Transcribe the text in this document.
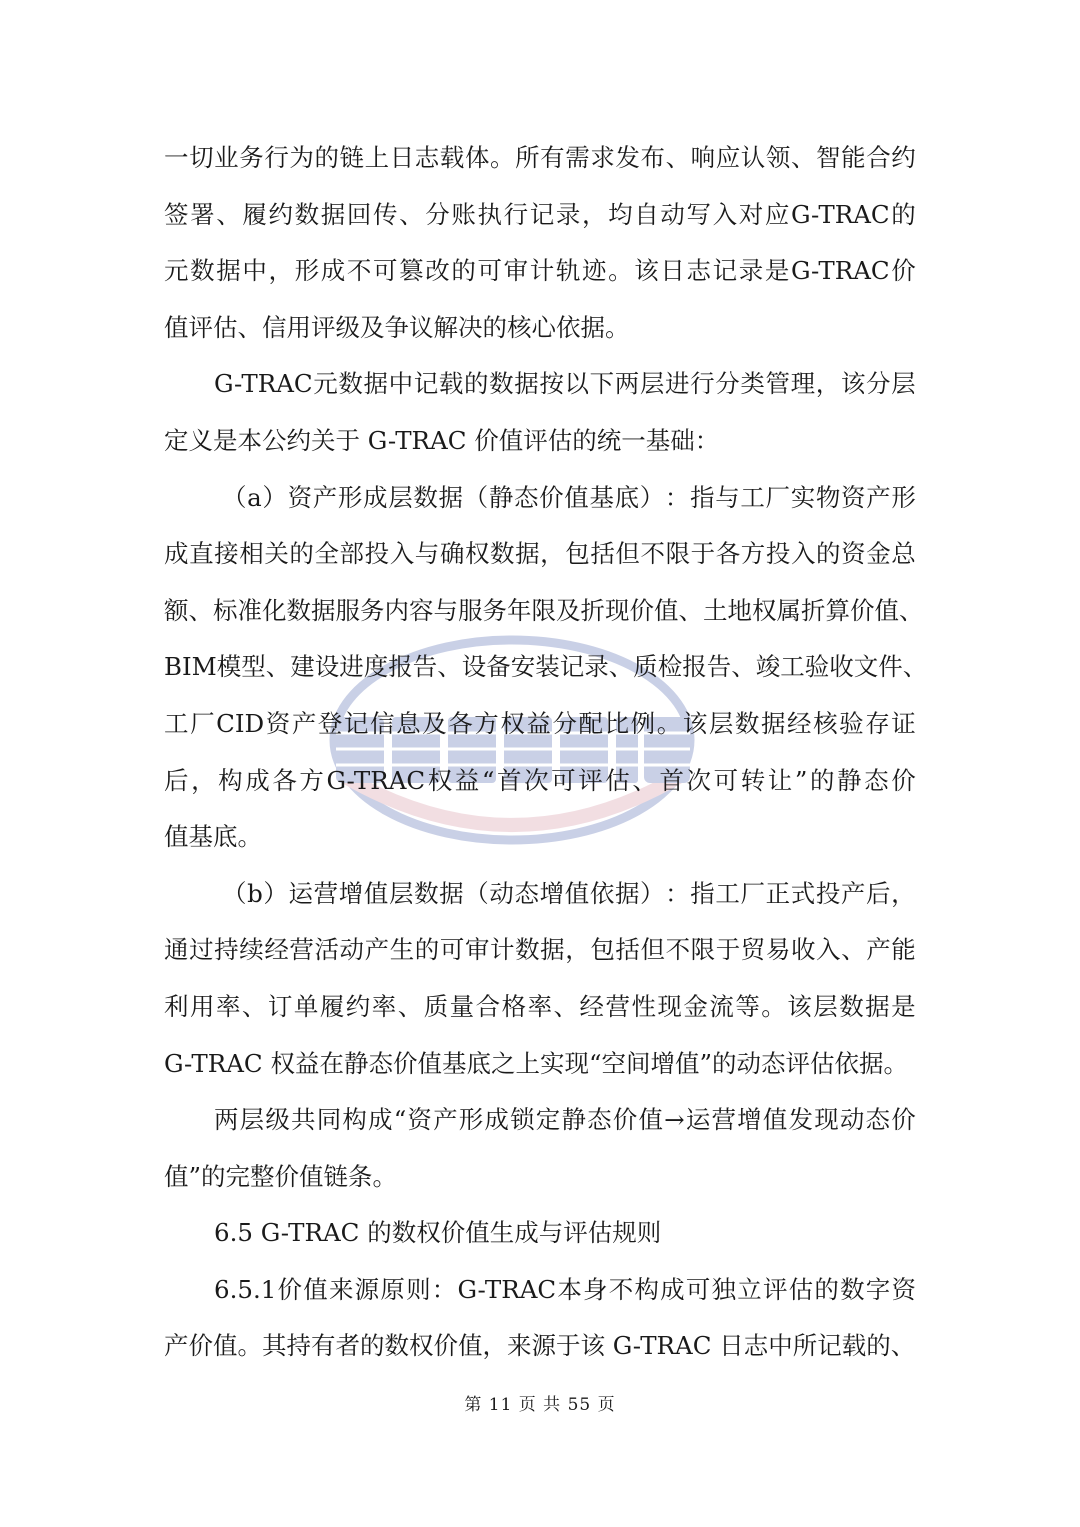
一 切 业 务 行 为 的 链 上 日 志 载 体 。 所 有 需 求 发 布 、 响 应 认 领 、 智 能 合 约
签 署 、 履 约 数 据 回 传 、 分 账 执 行 记 录 ， 均 自 动 写 入 对 应 G-TRAC 的
元 数 据 中 ， 形 成 不 可 篡 改 的 可 审 计 轨 迹 。 该 日 志 记 录 是 G-TRAC 价
值评估、信用评级及争议解决的核心依据。
G-TRAC 元 数 据 中 记 载 的 数 据 按 以 下 两 层 进 行 分 类 管 理 ， 该 分 层
定义是本公约关于 G-TRAC 价值评估的统一基础：
（ a ） 资 产 形 成 层 数 据 （ 静 态 价 值 基 底 ） ： 指 与 工 厂 实 物 资 产 形
成 直 接 相 关 的 全 部 投 入 与 确 权 数 据 ， 包 括 但 不 限 于 各 方 投 入 的 资 金 总
额 、 标 准 化 数 据 服 务 内 容 与 服 务 年 限 及 折 现 价 值 、 土 地 权 属 折 算 价 值 、
BIM 模 型 、 建 设 进 度 报 告 、 设 备 安 装 记 录 、 质 检 报 告 、 竣 工 验 收 文 件 、
工 厂 CID 资 产 登 记 信 息 及 各 方 权 益 分 配 比 例 。 该 层 数 据 经 核 验 存 证
后 ， 构 成 各 方 G-TRAC 权 益 “ 首 次 可 评 估 、 首 次 可 转 让 ” 的 静 态 价
值基底。
（ b ） 运 营 增 值 层 数 据 （ 动 态 增 值 依 据 ） ： 指 工 厂 正 式 投 产 后 ，
通 过 持 续 经 营 活 动 产 生 的 可 审 计 数 据 ， 包 括 但 不 限 于 贸 易 收 入 、 产 能
利 用 率 、 订 单 履 约 率 、 质 量 合 格 率 、 经 营 性 现 金 流 等 。 该 层 数 据 是
G-TRAC 权益在静态价值基底之上实现“空间增值”的动态评估依据。
两 层 级 共 同 构 成 “ 资 产 形 成 锁 定 静 态 价 值 → 运 营 增 值 发 现 动 态 价
值”的完整价值链条。
6.5 G-TRAC 的数权价值生成与评估规则
6.5.1 价 值 来 源 原 则 ： G-TRAC 本 身 不 构 成 可 独 立 评 估 的 数 字 资
产价值。其持有者的数权价值，来源于该 G-TRAC 日志中所记载的、
第 11 页 共 55 页
